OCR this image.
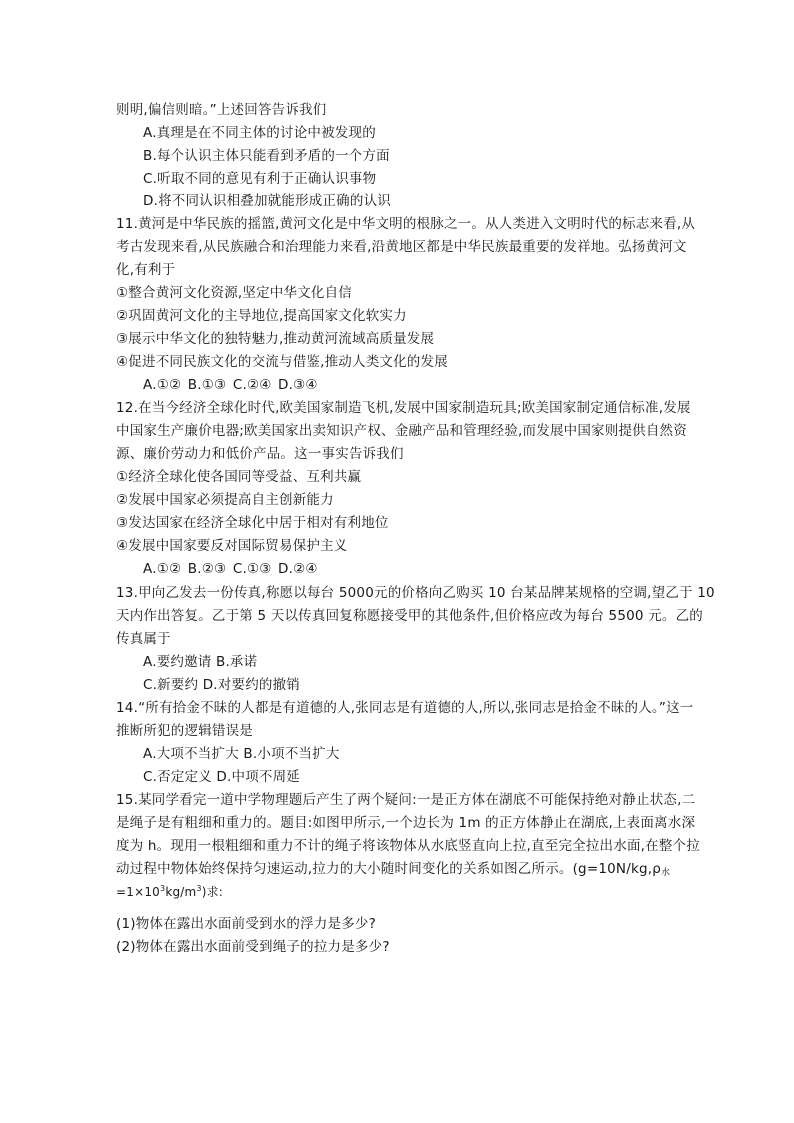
则明,偏信则暗。”上述回答告诉我们
A.真理是在不同主体的讨论中被发现的
B.每个认识主体只能看到矛盾的一个方面
C.听取不同的意见有利于正确认识事物
D.将不同认识相叠加就能形成正确的认识
11.黄河是中华民族的摇篮,黄河文化是中华文明的根脉之一。从人类进入文明时代的标志来看,从
考古发现来看,从民族融合和治理能力来看,沿黄地区都是中华民族最重要的发祥地。弘扬黄河文
化,有利于
①整合黄河文化资源,坚定中华文化自信
②巩固黄河文化的主导地位,提高国家文化软实力
③展示中华文化的独特魅力,推动黄河流域高质量发展
④促进不同民族文化的交流与借鉴,推动人类文化的发展
A.①② B.①③ C.②④ D.③④
12.在当今经济全球化时代,欧美国家制造飞机,发展中国家制造玩具;欧美国家制定通信标准,发展
中国家生产廉价电器;欧美国家出卖知识产权、金融产品和管理经验,而发展中国家则提供自然资
源、廉价劳动力和低价产品。这一事实告诉我们
①经济全球化使各国同等受益、互利共赢
②发展中国家必须提高自主创新能力
③发达国家在经济全球化中居于相对有利地位
④发展中国家要反对国际贸易保护主义
A.①② B.②③ C.①③ D.②④
13.甲向乙发去一份传真,称愿以每台 5000元的价格向乙购买 10 台某品牌某规格的空调,望乙于 10
天内作出答复。乙于第 5 天以传真回复称愿接受甲的其他条件,但价格应改为每台 5500 元。乙的
传真属于
A.要约邀请 B.承诺
C.新要约 D.对要约的撤销
14.“所有拾金不昧的人都是有道德的人,张同志是有道德的人,所以,张同志是拾金不昧的人。”这一
推断所犯的逻辑错误是
A.大项不当扩大 B.小项不当扩大
C.否定定义 D.中项不周延
15.某同学看完一道中学物理题后产生了两个疑问:一是正方体在湖底不可能保持绝对静止状态,二
是绳子是有粗细和重力的。题目:如图甲所示,一个边长为 1m 的正方体静止在湖底,上表面离水深
度为 h。现用一根粗细和重力不计的绳子将该物体从水底竖直向上拉,直至完全拉出水面,在整个拉
动过程中物体始终保持匀速运动,拉力的大小随时间变化的关系如图乙所示。($g=10N/kg,\rho_水$
$=1\times 10^3kg/m^3$)求:
(1)物体在露出水面前受到水的浮力是多少?
(2)物体在露出水面前受到绳子的拉力是多少?
